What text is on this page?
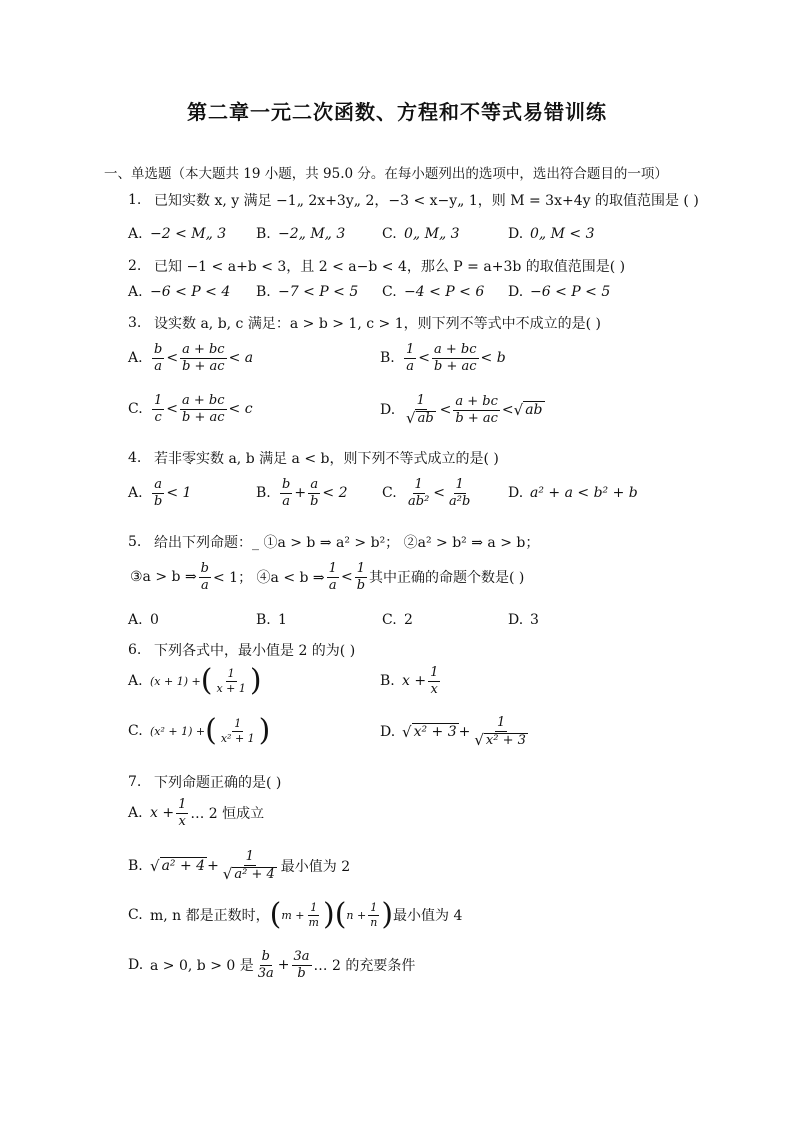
第二章一元二次函数、方程和不等式易错训练
一、单选题（本大题共 19 小题，共 95.0 分。在每小题列出的选项中，选出符合题目的一项）
1. 已知实数 x, y 满足 −1„ 2x+3y„ 2，−3 < x−y„ 1，则 M = 3x+4y 的取值范围是 ( )
A. −2 < M„ 3	B. −2„ M„ 3	C. 0„ M„ 3	D. 0„ M < 3
2. 已知 −1 < a+b < 3，且 2 < a−b < 4，那么 P = a+3b 的取值范围是( )
A. −6 < P < 4	B. −7 < P < 5	C. −4 < P < 6	D. −6 < P < 5
3. 设实数 a, b, c 满足：a > b > 1, c > 1，则下列不等式中不成立的是( )
A. $\frac{b}{a} < \frac{a + bc}{b + ac} < a$	B. $\frac{1}{a} < \frac{a + bc}{b + ac} < b$
C. $\frac{1}{c} < \frac{a + bc}{b + ac} < c$	D. $\frac{1}{√ ab} < \frac{a + bc}{b + ac}$ < √ ab
4. 若非零实数 a, b 满足 a < b，则下列不等式成立的是( )
A. $\frac{a}{b} < 1$	B. $\frac{b}{a} + \frac{a}{b} < 2$ C. $\frac{1}{\text{ab²}} < \frac{1}{\text{a²b}}$	D. a² + a < b² + b
5. 给出下列命题：_ ①a > b ⇒ a² > b²； ②a² > b² ⇒ a > b；
③a > b ⇒ $\frac{b}{a} < 1$； ④a < b ⇒ $\frac{1}{a} < \frac{1}{b}$ 其中正确的命题个数是( )
A. 0	B. 1	C. 2	D. 3
6. 下列各式中，最小值是 2 的为( )
A. (x + 1) + ( $\frac{1}{x + 1}$ )	B. $x + \frac{1}{x}$
C. (x² + 1) + ( $\frac{1}{\text{x² + 1}}$ )	D. √ $x^2 + 3 + \frac{1}{\text{√ x² + 3}}$
7. 下列命题正确的是( )
A. $x + \frac{1}{x}$ … 2 恒成立
B. √ $a^2 + 4 + \frac{1}{\text{√ a² + 4}}$ 最小值为 2
C. m, n 都是正数时， ( $m + \frac{1}{m}$ ) ( $n + \frac{1}{n}$ ) 最小值为 4
D. a > 0, b > 0 是 $\frac{b}{3a} + \frac{3a}{b}$ … 2 的充要条件
